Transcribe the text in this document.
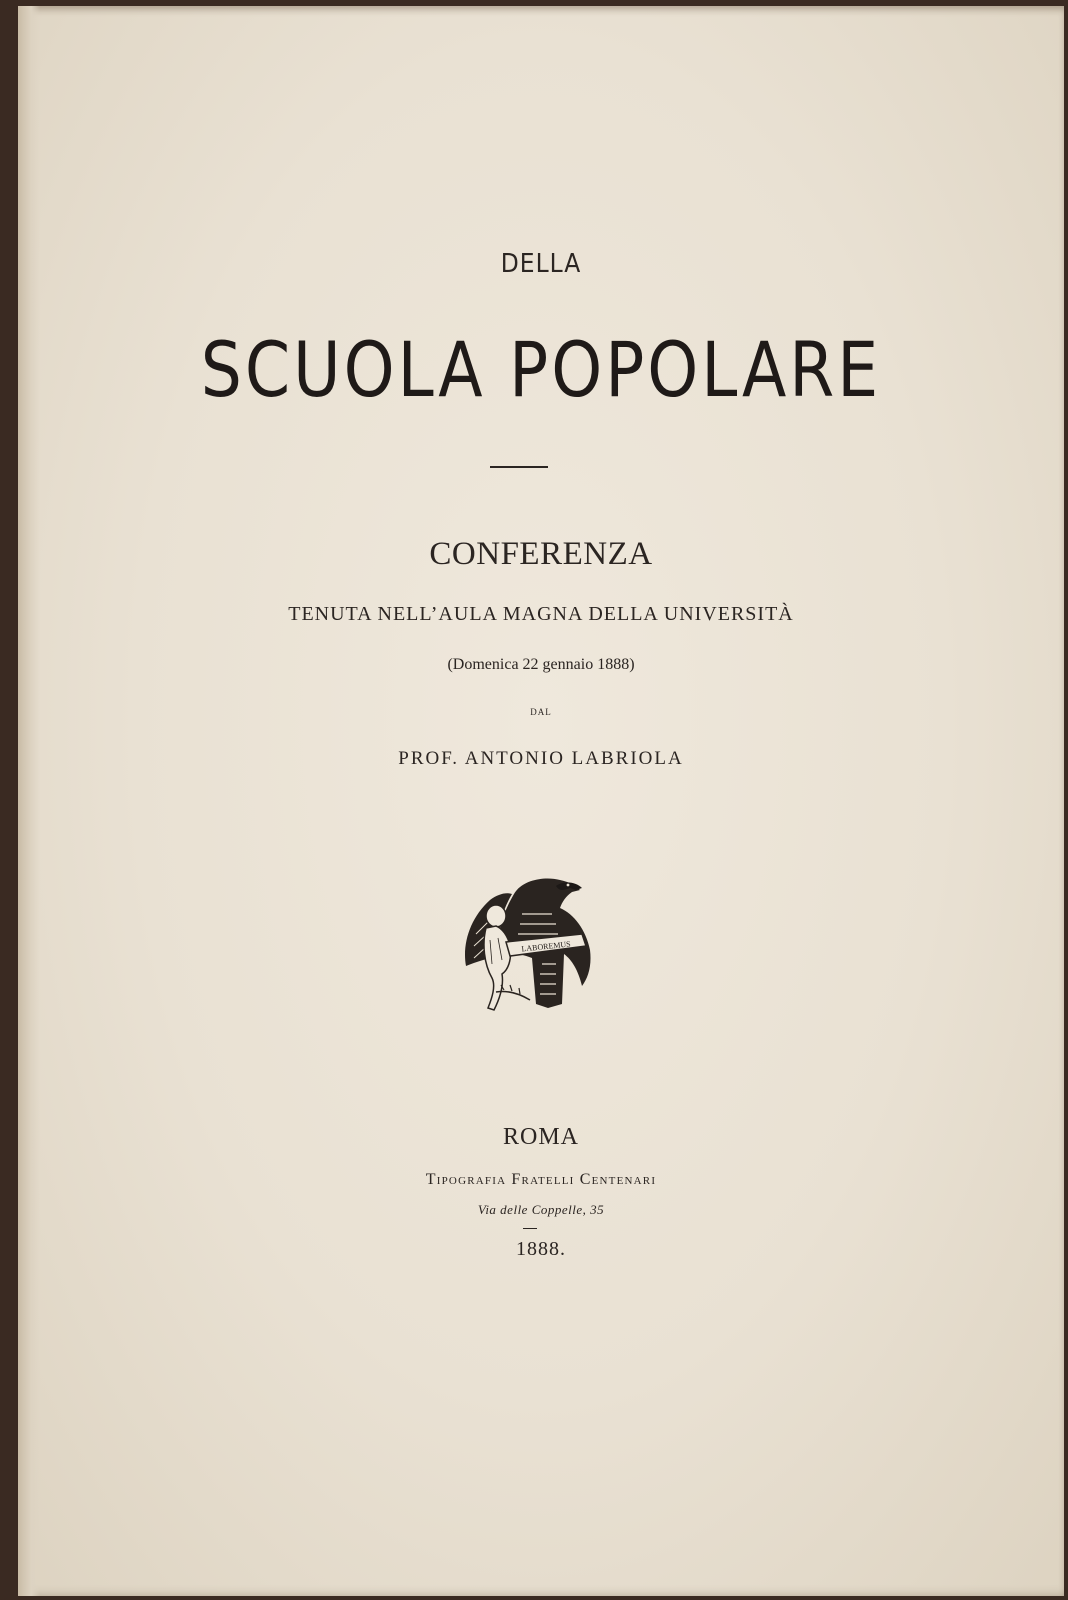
DELLA
SCUOLA POPOLARE
CONFERENZA
TENUTA NELL’AULA MAGNA DELLA UNIVERSITÀ
(Domenica 22 gennaio 1888)
DAL
PROF. ANTONIO LABRIOLA
LABOREMUS
ROMA
Tipografia Fratelli Centenari
Via delle Coppelle, 35
1888.
